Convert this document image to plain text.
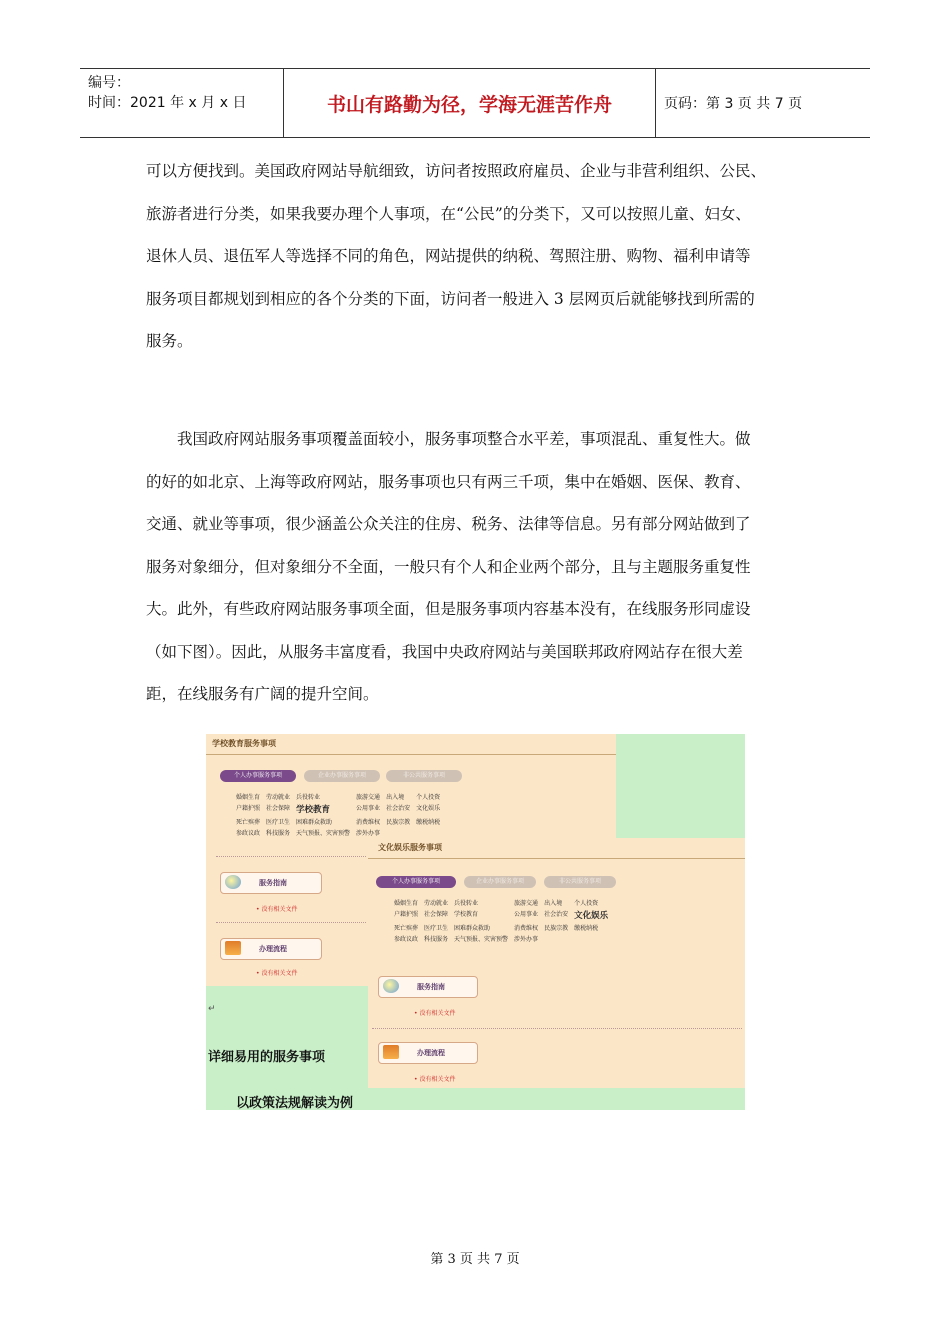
编号：
时间：2021 年 x 月 x 日	书山有路勤为径，学海无涯苦作舟	页码：第 3 页 共 7 页

可以方便找到。美国政府网站导航细致，访问者按照政府雇员、企业与非营利组织、公民、

旅游者进行分类，如果我要办理个人事项，在“公民”的分类下，又可以按照儿童、妇女、

退休人员、退伍军人等选择不同的角色，网站提供的纳税、驾照注册、购物、福利申请等

服务项目都规划到相应的各个分类的下面，访问者一般进入 3 层网页后就能够找到所需的

服务。

　　我国政府网站服务事项覆盖面较小，服务事项整合水平差，事项混乱、重复性大。做

的好的如北京、上海等政府网站，服务事项也只有两三千项，集中在婚姻、医保、教育、

交通、就业等事项，很少涵盖公众关注的住房、税务、法律等信息。另有部分网站做到了

服务对象细分，但对象细分不全面，一般只有个人和企业两个部分，且与主题服务重复性

大。此外，有些政府网站服务事项全面，但是服务事项内容基本没有，在线服务形同虚设

（如下图）。因此，从服务丰富度看，我国中央政府网站与美国联邦政府网站存在很大差

距，在线服务有广阔的提升空间。

学校教育服务事项
个人办事服务事项	企业办事服务事项	非公共服务事项
婚姻生育 劳动就业 兵役转业	旅游交通 出入境	个人投资
户籍护照 社会保障 学校教育	公用事业 社会治安 文化娱乐
死亡殡葬 医疗卫生 困难群众救助	消费维权 民族宗教 缴税纳税
参政议政 科技服务 天气预报、灾害预警 涉外办事
服务指南
• 没有相关文件
办理流程
• 没有相关文件
文化娱乐服务事项
个人办事服务事项	企业办事服务事项	非公共服务事项
婚姻生育 劳动就业 兵役转业	旅游交通 出入境	个人投资
户籍护照 社会保障 学校教育	公用事业 社会治安 文化娱乐
死亡殡葬 医疗卫生 困难群众救助	消费维权 民族宗教 缴税纳税
参政议政 科技服务 天气预报、灾害预警 涉外办事
服务指南
• 没有相关文件
办理流程
• 没有相关文件
↵
详细易用的服务事项
以政策法规解读为例
第 3 页 共 7 页
